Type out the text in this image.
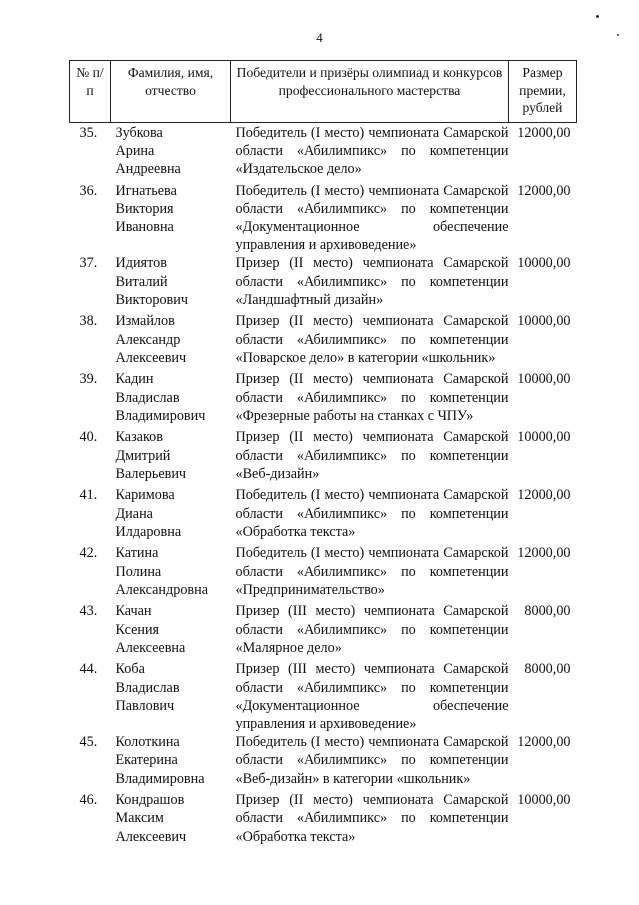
4
№ п/п	Фамилия, имя, отчество	Победители и призёры олимпиад и конкурсов профессионального мастерства	Размер премии, рублей
35.	Зубкова
Арина
Андреевна	Победитель (I место) чемпионата Самарской области «Абилимпикс» по компетенции «Издательское дело»	12000,00
36.	Игнатьева
Виктория
Ивановна	Победитель (I место) чемпионата Самарской области «Абилимпикс» по компетенции «Документационное обеспечение управления и архивоведение»	12000,00
37.	Идиятов
Виталий
Викторович	Призер (II место) чемпионата Самарской области «Абилимпикс» по компетенции «Ландшафтный дизайн»	10000,00
38.	Измайлов
Александр
Алексеевич	Призер (II место) чемпионата Самарской области «Абилимпикс» по компетенции «Поварское дело» в категории «школьник»	10000,00
39.	Кадин
Владислав
Владимирович	Призер (II место) чемпионата Самарской области «Абилимпикс» по компетенции «Фрезерные работы на станках с ЧПУ»	10000,00
40.	Казаков
Дмитрий
Валерьевич	Призер (II место) чемпионата Самарской области «Абилимпикс» по компетенции «Веб-дизайн»	10000,00
41.	Каримова
Диана
Илдаровна	Победитель (I место) чемпионата Самарской области «Абилимпикс» по компетенции «Обработка текста»	12000,00
42.	Катина
Полина
Александровна	Победитель (I место) чемпионата Самарской области «Абилимпикс» по компетенции «Предпринимательство»	12000,00
43.	Качан
Ксения
Алексеевна	Призер (III место) чемпионата Самарской области «Абилимпикс» по компетенции «Малярное дело»	8000,00
44.	Коба
Владислав
Павлович	Призер (III место) чемпионата Самарской области «Абилимпикс» по компетенции «Документационное обеспечение управления и архивоведение»	8000,00
45.	Колоткина
Екатерина
Владимировна	Победитель (I место) чемпионата Самарской области «Абилимпикс» по компетенции «Веб-дизайн» в категории «школьник»	12000,00
46.	Кондрашов
Максим
Алексеевич	Призер (II место) чемпионата Самарской области «Абилимпикс» по компетенции «Обработка текста»	10000,00
